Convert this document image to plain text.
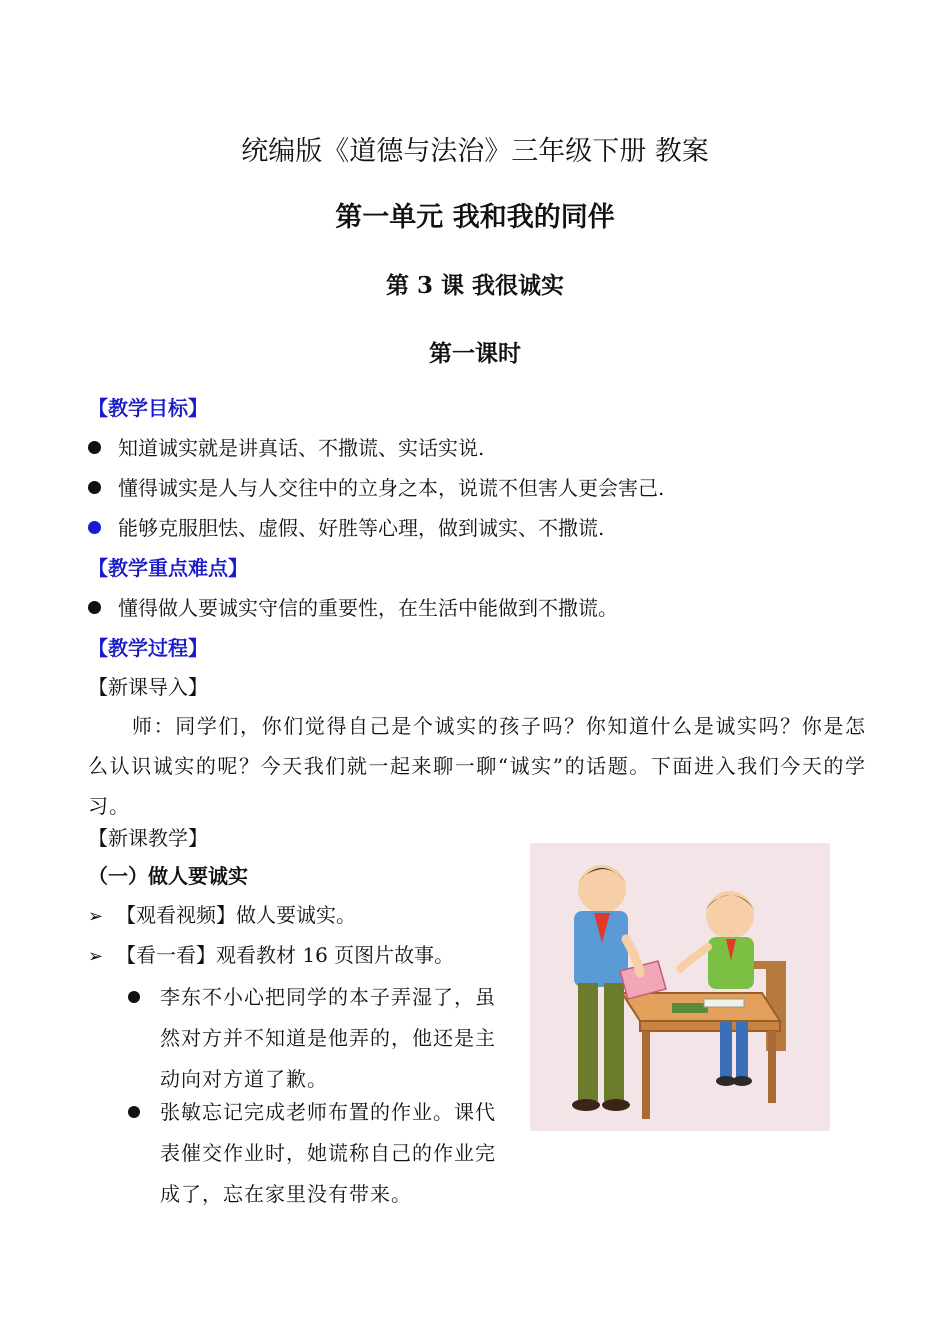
统编版《道德与法治》三年级下册 教案
第一单元 我和我的同伴
第 3 课 我很诚实
第一课时
【教学目标】
知道诚实就是讲真话、不撒谎、实话实说.
懂得诚实是人与人交往中的立身之本，说谎不但害人更会害己.
能够克服胆怯、虚假、好胜等心理，做到诚实、不撒谎.
【教学重点难点】
懂得做人要诚实守信的重要性，在生活中能做到不撒谎。
【教学过程】
【新课导入】
师：同学们，你们觉得自己是个诚实的孩子吗？你知道什么是诚实吗？你是怎么认识诚实的呢？今天我们就一起来聊一聊“诚实”的话题。下面进入我们今天的学习。
【新课教学】
（一）做人要诚实
➢ 【观看视频】做人要诚实。
➢ 【看一看】观看教材 16 页图片故事。
李东不小心把同学的本子弄湿了，虽然对方并不知道是他弄的，他还是主动向对方道了歉。
张敏忘记完成老师布置的作业。课代表催交作业时，她谎称自己的作业完成了，忘在家里没有带来。
